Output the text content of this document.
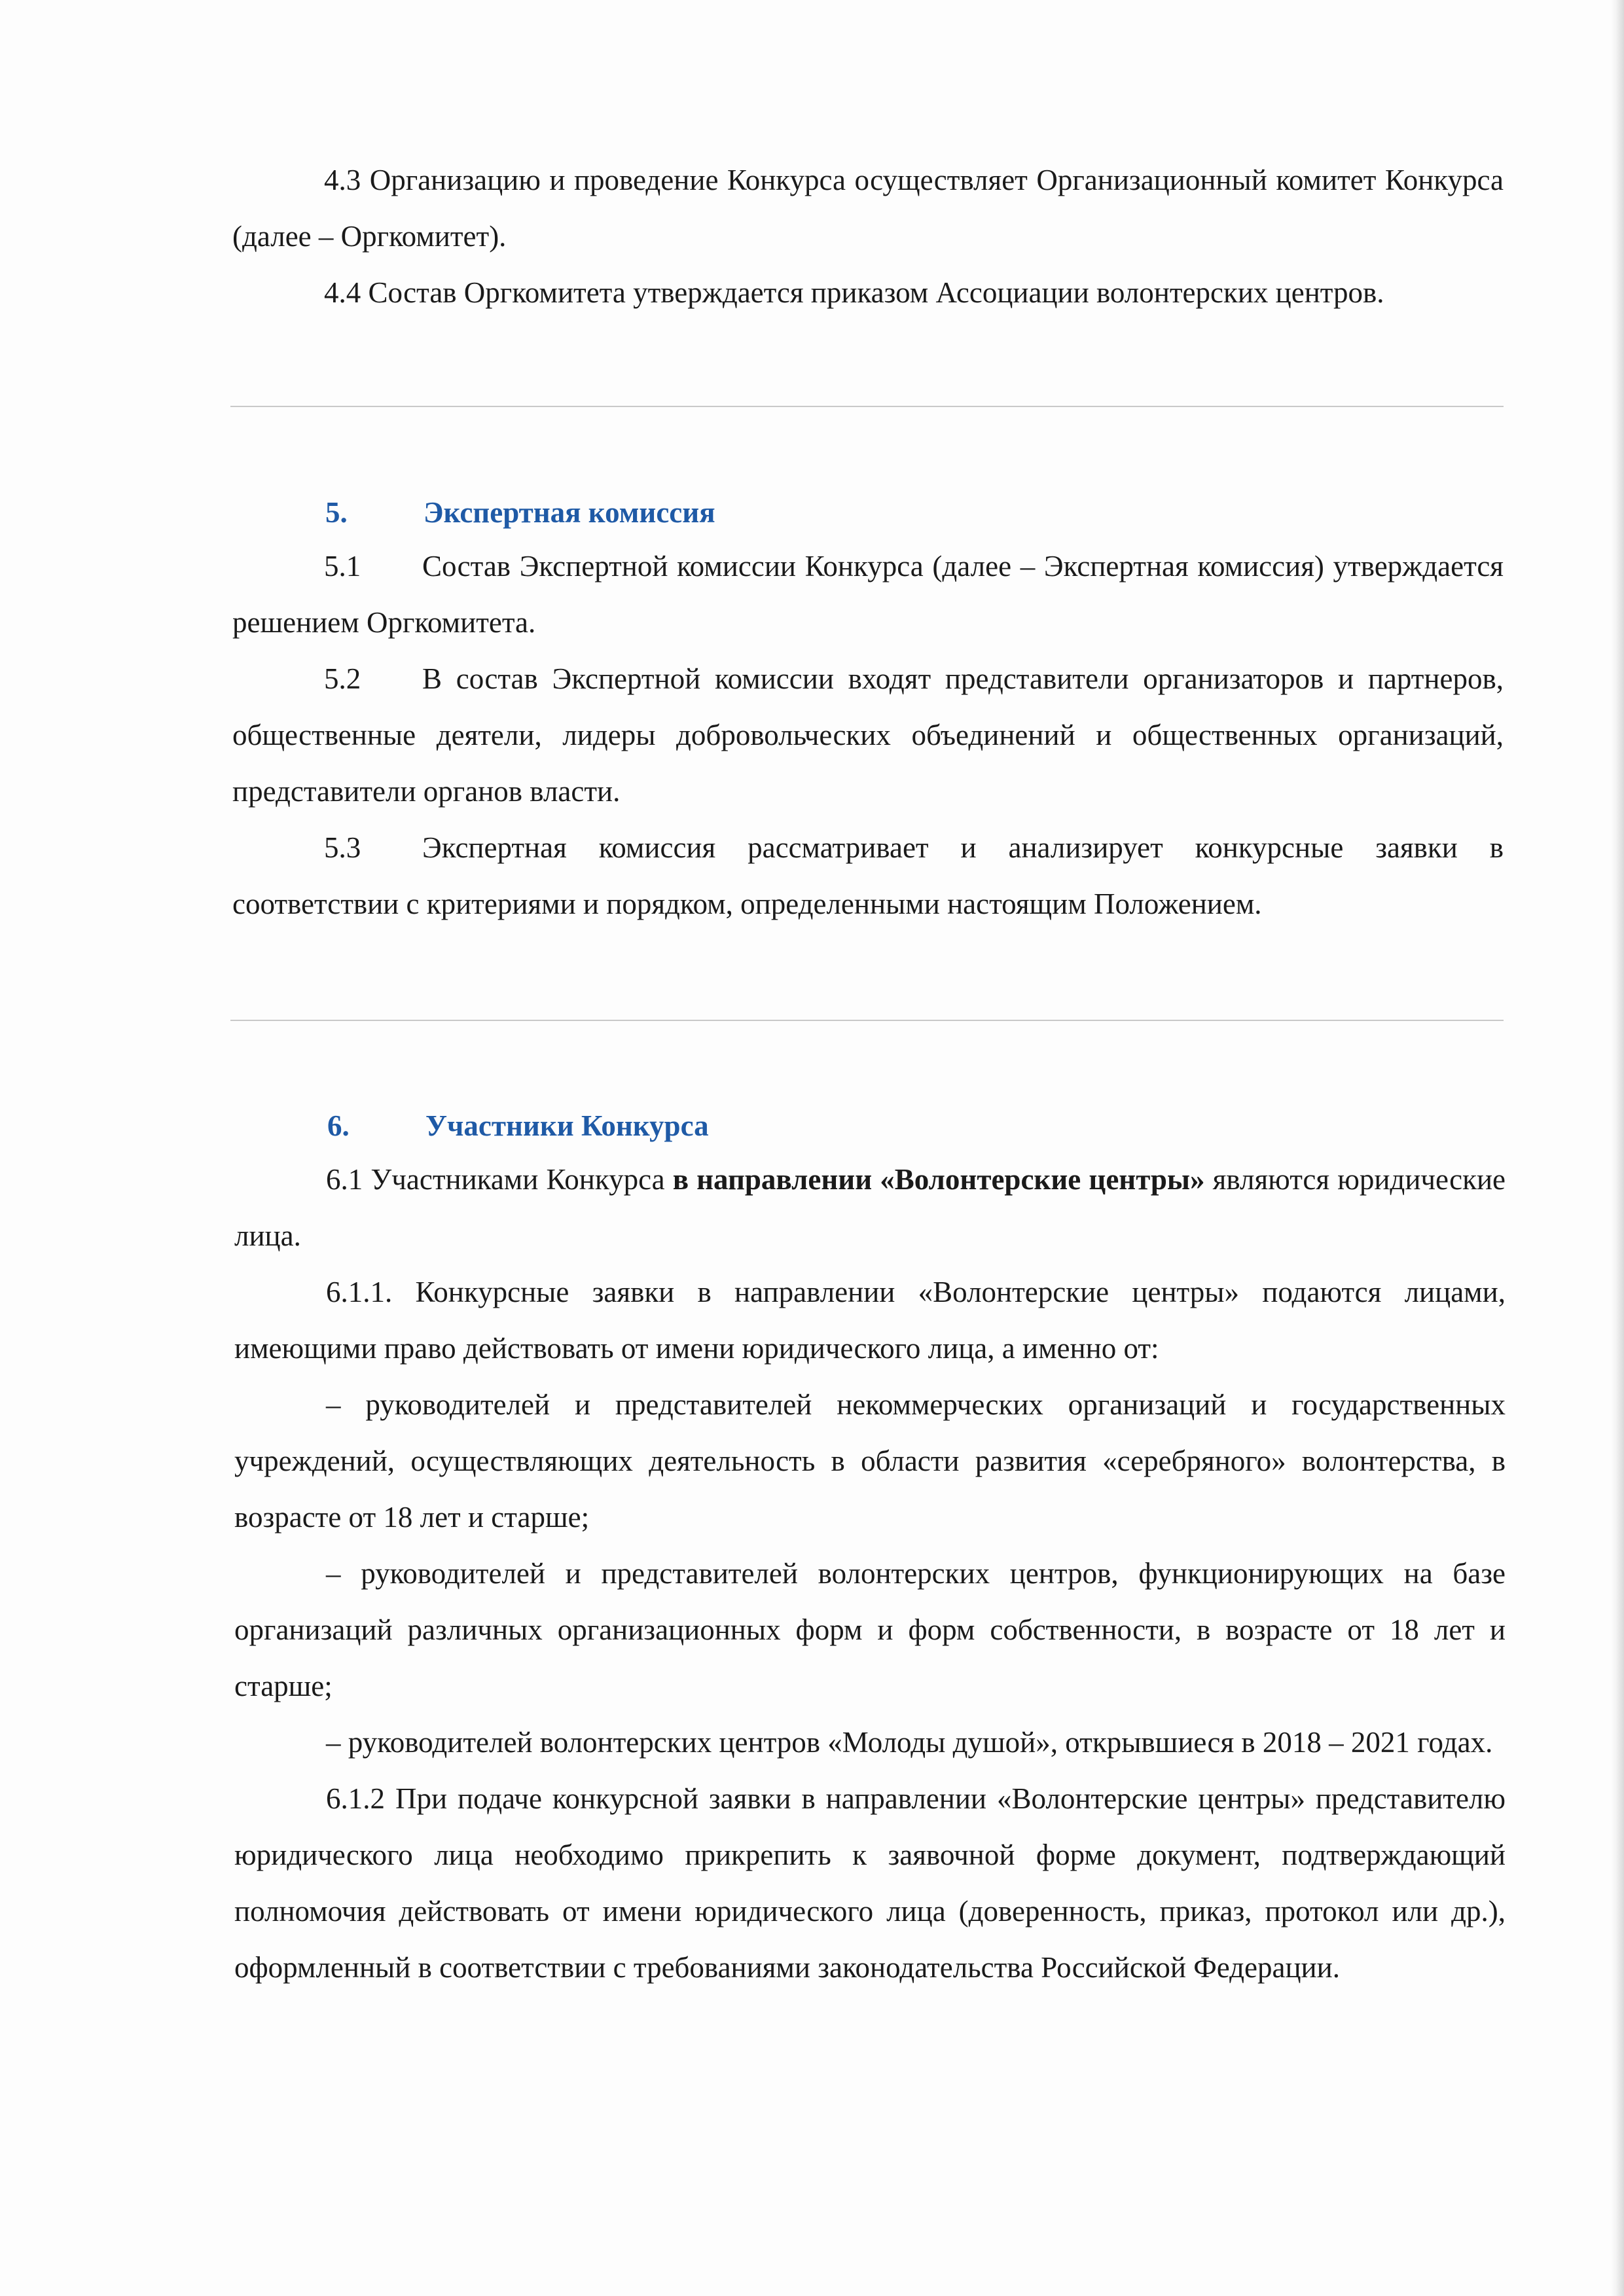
4.3 Организацию и проведение Конкурса осуществляет Организационный комитет Конкурса (далее – Оргкомитет).

4.4 Состав Оргкомитета утверждается приказом Ассоциации волонтерских центров.

5.	Экспертная комиссия

5.1 Состав Экспертной комиссии Конкурса (далее – Экспертная комиссия) утверждается решением Оргкомитета.

5.2 В состав Экспертной комиссии входят представители организаторов и партнеров, общественные деятели, лидеры добровольческих объединений и общественных организаций, представители органов власти.

5.3 Экспертная комиссия рассматривает и анализирует конкурсные заявки в соответствии с критериями и порядком, определенными настоящим Положением.

6.	Участники Конкурса

6.1 Участниками Конкурса в направлении «Волонтерские центры» являются юридические лица.

6.1.1. Конкурсные заявки в направлении «Волонтерские центры» подаются лицами, имеющими право действовать от имени юридического лица, а именно от:

– руководителей и представителей некоммерческих организаций и государственных учреждений, осуществляющих деятельность в области развития «серебряного» волонтерства, в возрасте от 18 лет и старше;

– руководителей и представителей волонтерских центров, функционирующих на базе организаций различных организационных форм и форм собственности, в возрасте от 18 лет и старше;

– руководителей волонтерских центров «Молоды душой», открывшиеся в 2018 – 2021 годах.

6.1.2 При подаче конкурсной заявки в направлении «Волонтерские центры» представителю юридического лица необходимо прикрепить к заявочной форме документ, подтверждающий полномочия действовать от имени юридического лица (доверенность, приказ, протокол или др.), оформленный в соответствии с требованиями законодательства Российской Федерации.
